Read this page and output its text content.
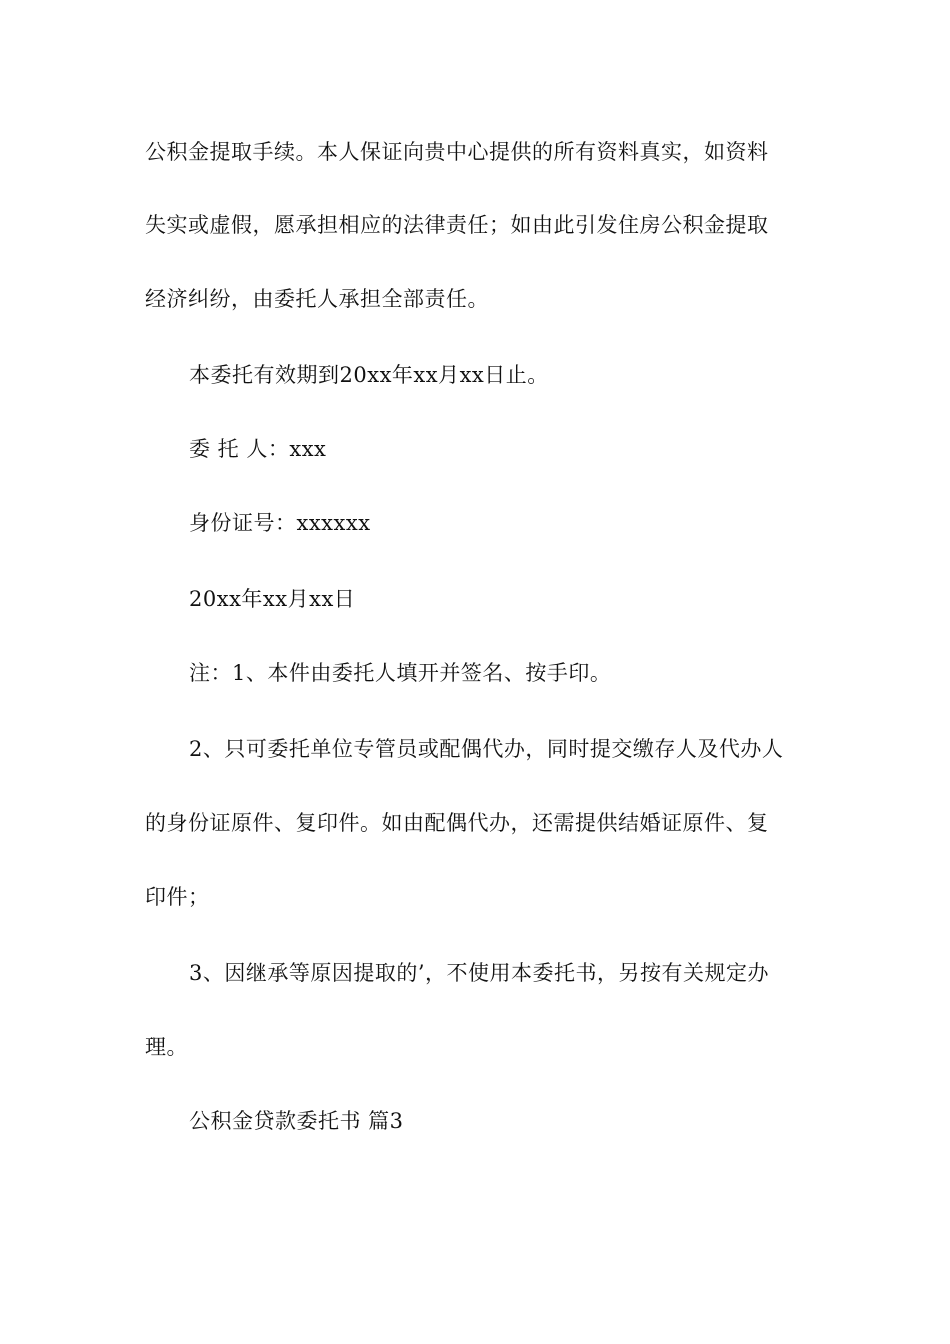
公积金提取手续。本人保证向贵中心提供的所有资料真实，如资料
失实或虚假，愿承担相应的法律责任；如由此引发住房公积金提取
经济纠纷，由委托人承担全部责任。
本委托有效期到20xx年xx月xx日止。
委 托 人：xxx
身份证号：xxxxxx
20xx年xx月xx日
注：1、本件由委托人填开并签名、按手印。
2、只可委托单位专管员或配偶代办，同时提交缴存人及代办人
的身份证原件、复印件。如由配偶代办，还需提供结婚证原件、复
印件；
3、因继承等原因提取的’，不使用本委托书，另按有关规定办
理。
公积金贷款委托书 篇3
